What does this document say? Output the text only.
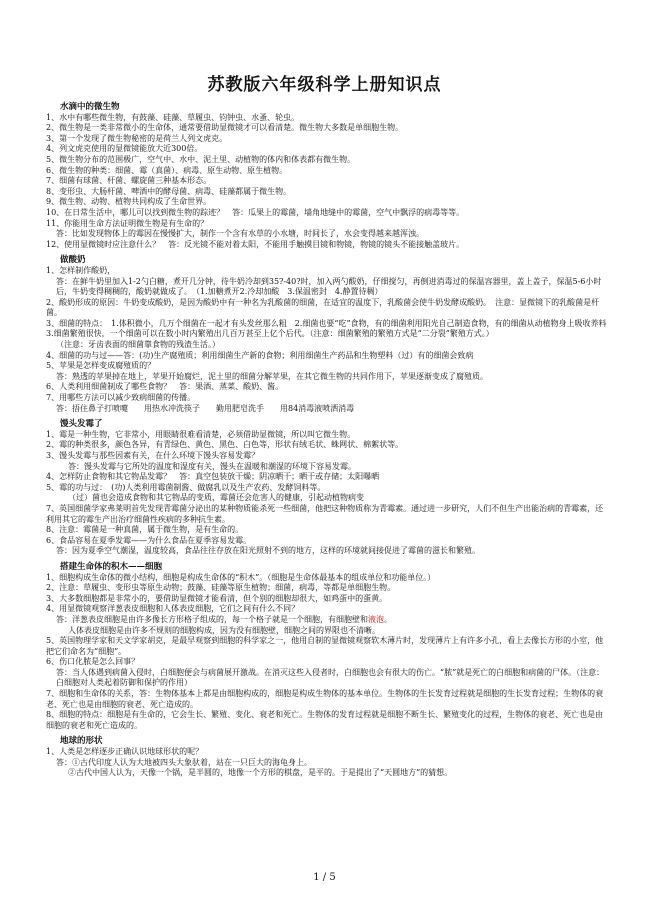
苏教版六年级科学上册知识点

水滴中的微生物

1、水中有哪些微生物，有鼓藻、硅藻、草履虫、钧钟虫、水蚤、轮虫。

2、微生物是一类非常微小的生命体，通常要借助显微镜才可以看清楚。微生物大多数是单细胞生物。

3、第一个发现了微生物秘密的是荷兰人列文虎克。

4、列文虎克使用的显微镜能放大近300倍。

5、微生物分布的范围极广，空气中、水中、泥土里、动植物的体内和体表都有微生物。

6、微生物的种类：细菌、霉（真菌）、病毒、原生动物、原生植物。

7、细菌有球菌、杆菌、螺旋菌三种基本形态。

8、变形虫、大肠杆菌、啤酒中的酵母菌、病毒、硅藻都属于微生物。

9、微生物、动物、植物共同构成了生命世界。

10、在日常生活中，哪儿可以找到微生物的踪迹？　答：瓜果上的霉菌，墙角地缝中的霉菌，空气中飘浮的病毒等等。

11、你能用生命方法证明微生物是有生命的？

答：比如发现物体上的霉因在慢慢扩大，制作一个含有水草的小水塘，时间长了，水会变得越来越浑浊。

12、使用显微镜时应注意什么？　答：反光镜不能对着太阳，不能用手触摸目镜和物镜，物镜的镜头不能接触盖玻片。

做酸奶

1、怎样制作酸奶，

答：在鲜牛奶里加入1-2勺白糖，煮开几分钟，待牛奶冷却到35?-40?时，加入两勺酸奶，仔细搅匀，再倒进消毒过的保温容器里，盖上盖子，保温5-6小时后，牛奶变得稠稠的，酸奶就做成了。　（1.加糖煮开2.冷却加酸　3.保温密封　4.静置待稠）

2、酸奶形成的原因：牛奶变成酸奶，是因为酸奶中有一种名为乳酸菌的细菌，在适宜的温度下，乳酸菌会使牛奶发酵成酸奶。　注意：显微镜下的乳酸菌是杆菌。

3、细菌的特点：　1.体积微小，几万个细菌在一起才有头发丝那么粗　2.细菌也要“吃”食物，有的细菌利用阳光自己制造食物，有的细菌从动植物身上吸收养料　3.细菌繁殖很快，一个细菌可以在数小时内繁殖出几百万甚至上亿个后代。（注意：细菌繁殖的繁殖方式是“二分裂”繁殖方式。）

（注意：牙齿表面的细菌靠食物的残渣生活。）

4、细菌的功与过——答：(功)生产腐殖质；利用细菌生产新的食物；利用细菌生产药品和生物塑料（过）有的细菌会致病

5、苹果是怎样变成腐殖质的？

答：熟透的苹果掉在地上，苹果开始腐烂，泥土里的细菌分解苹果，在其它微生物的共同作用下，苹果逐渐变成了腐殖质。

6、人类利用细菌制成了哪些食物？　答：果酒、蒸菜、酸奶、酱。

7、用哪些方法可以减少致病细菌的传播。

答：捂住鼻子打喷嚏　　用热水冲洗筷子　　勤用肥皂洗手　　用84消毒液喷洒消毒

馒头发霉了

1、霉是一种生物，它非常小，用眼睛很难看清楚，必须借助显微镜，所以叫它微生物。

2、霉的种类很多，颜色各异，有青绿色、黄色、黑色、白色等，形状有绒毛状、蛛网状、棉絮状等。

3、馒头发霉与那些因素有关，在什么环境下馒头容易发霉？

答：馒头发霉与它所处的温度和湿度有关，馒头在温暖和潮湿的环境下容易发霉。

4、怎样防止食物和其它物品发霉？　答：真空包装放干燥；阴凉晒干；晒干或存储；太阳曝晒

5、霉的功与过：　(功)人类利用霉菌制酱、做腐乳以及生产农药、发酵饲料等。

（过）菌也会造成食物和其它物品的变质，霉菌还会危害人的健康，引起动植物病变

7、英国细菌学家弗莱明首先发现青霉菌分泌出的某种物质能杀死一些细菌，他把这种物质称为青霉素。通过进一步研究，人们不但生产出能治病的青霉素，还利用其它的霉生产出治疗细菌性疾病的多种抗生素。

8、注意：霉菌是一种真菌，属于微生物，是有生命的。

6、食品容易在夏季发霉——为什么食品在夏季容易发霉。

答：因为夏季空气潮湿，温度较高，食品往往存放在阳光照射不到的地方，这样的环境就间接促进了霉菌的滋长和繁殖。

搭建生命体的积木——细胞

1、细胞构成生命体的微小结构，细胞是构成生命体的“积木”。（细胞是生命体最基本的组成单位和功能单位。）

2、注意：草履虫、变形虫等原生动物；鼓藻、硅藻等原生植物；细菌，病毒，等都是单细胞生物。

3、大多数细胞都是非常小的，要借助显微镜才能看清，但个别的细胞却很大，如鸡蛋中的蛋黄。

4、用显微镜观察洋葱表皮细胞和人体表皮细胞，它们之间有什么不同？

答：洋葱表皮细胞是由许多像长方形格子组成的，每一个格子就是一个细胞，有细胞壁和液泡。

人体表皮细胞是由许多不规则的细胞构成，因为没有细胞壁，细胞之间的界限也不清晰。

5、英国物理学家和天文学家胡克，是最早观察到细胞的科学家之一，他用自制的显微镜观察软木薄片时，发现薄片上有许多小孔，看上去像长方形的小室，他把它们命名为“细胞”。

6、伤口化脓是怎么回事？

答：当人体遇到病菌入侵时，白细胞便会与病菌展开激战。在消灭这些入侵者时，白细胞也会有很大的伤亡。“脓”就是死亡的白细胞和病菌的尸体。（注意：白细胞对人类起着防御和保护的作用）

7、细胞和生命体的关系，答：生物体基本上都是由细胞构成的，细胞是构成生物体的基本单位。生物体的生长发育过程就是细胞的生长发育过程；生物体的衰老、死亡也是由细胞的衰老、死亡造成的。

8、细胞的特点：细胞是有生命的，它会生长、繁殖、变化、衰老和死亡。生物体的发育过程就是细胞不断生长、繁殖变化的过程，生物体的衰老、死亡也是由细胞的衰老和死亡造成的。

地球的形状

1、人类是怎样逐步正确认识地球形状的呢？

答：①古代印度人认为大地被四头大象驮着，站在一只巨大的海龟身上。

②古代中国人认为，天像一个锅，是半圆的，地像一个方形的棋盘，是平的。于是提出了“天圆地方”的猜想。

1 / 5
